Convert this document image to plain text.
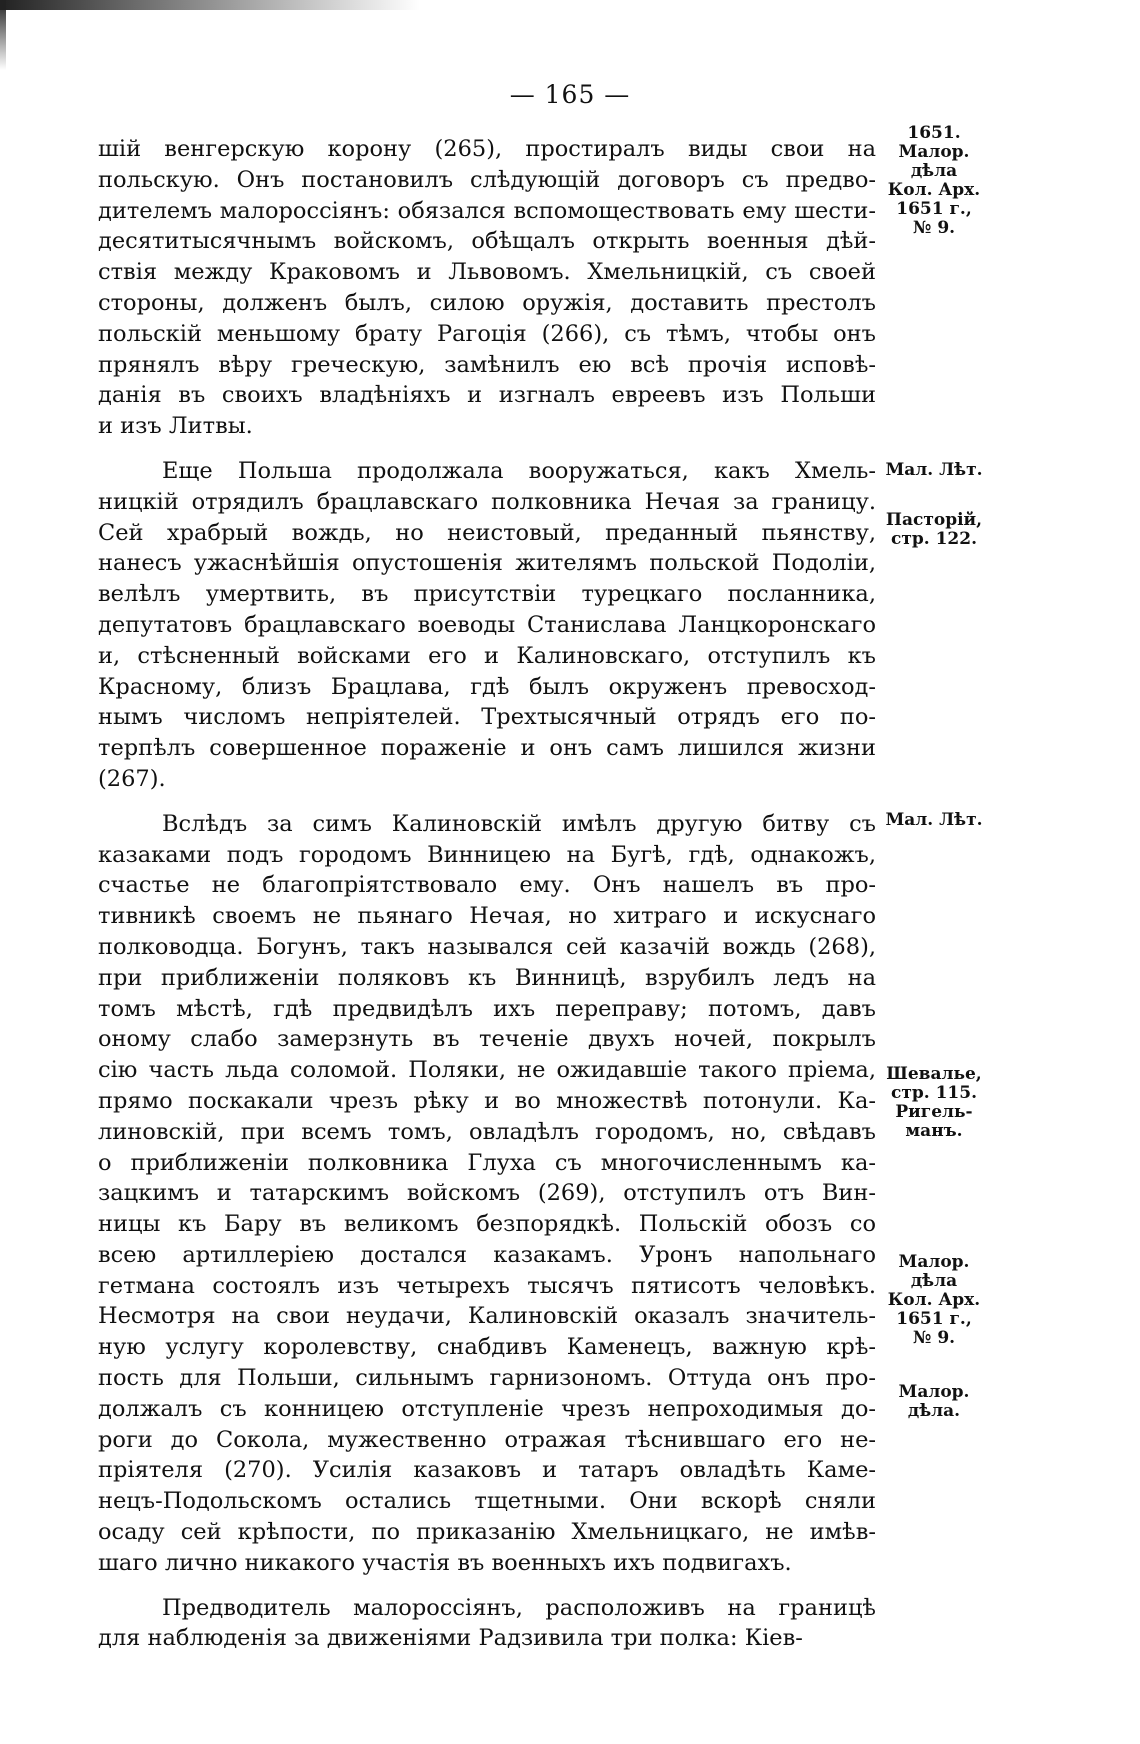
— 165 —
шій венгерскую корону (265), простиралъ виды свои на
польскую. Онъ постановилъ слѣдующій договоръ съ предво-
дителемъ малороссіянъ: обязался вспомоществовать ему шести-
десятитысячнымъ войскомъ, обѣщалъ открыть военныя дѣй-
ствія между Краковомъ и Львовомъ. Хмельницкій, съ своей
стороны, долженъ былъ, силою оружія, доставить престолъ
польскій меньшому брату Рагоція (266), съ тѣмъ, чтобы онъ
прянялъ вѣру греческую, замѣнилъ ею всѣ прочія исповѣ-
данія въ своихъ владѣніяхъ и изгналъ евреевъ изъ Польши
и изъ Литвы.
Еще Польша продолжала вооружаться, какъ Хмель-
ницкій отрядилъ брацлавскаго полковника Нечая за границу.
Сей храбрый вождь, но неистовый, преданный пьянству,
нанесъ ужаснѣйшія опустошенія жителямъ польской Подоліи,
велѣлъ умертвить, въ присутствіи турецкаго посланника,
депутатовъ брацлавскаго воеводы Станислава Ланцкоронскаго
и, стѣсненный войсками его и Калиновскаго, отступилъ къ
Красному, близъ Брацлава, гдѣ былъ окруженъ превосход-
нымъ числомъ непріятелей. Трехтысячный отрядъ его по-
терпѣлъ совершенное пораженіе и онъ самъ лишился жизни
(267).
Вслѣдъ за симъ Калиновскій имѣлъ другую битву съ
казаками подъ городомъ Винницею на Бугѣ, гдѣ, однакожъ,
счастье не благопріятствовало ему. Онъ нашелъ въ про-
тивникѣ своемъ не пьянаго Нечая, но хитраго и искуснаго
полководца. Богунъ, такъ назывался сей казачій вождь (268),
при приближеніи поляковъ къ Винницѣ, взрубилъ ледъ на
томъ мѣстѣ, гдѣ предвидѣлъ ихъ переправу; потомъ, давъ
оному слабо замерзнуть въ теченіе двухъ ночей, покрылъ
сію часть льда соломой. Поляки, не ожидавшіе такого пріема,
прямо поскакали чрезъ рѣку и во множествѣ потонули. Ка-
линовскій, при всемъ томъ, овладѣлъ городомъ, но, свѣдавъ
о приближеніи полковника Глуха съ многочисленнымъ ка-
зацкимъ и татарскимъ войскомъ (269), отступилъ отъ Вин-
ницы къ Бару въ великомъ безпорядкѣ. Польскій обозъ со
всею артиллеріею достался казакамъ. Уронъ напольнаго
гетмана состоялъ изъ четырехъ тысячъ пятисотъ человѣкъ.
Несмотря на свои неудачи, Калиновскій оказалъ значитель-
ную услугу королевству, снабдивъ Каменецъ, важную крѣ-
пость для Польши, сильнымъ гарнизономъ. Оттуда онъ про-
должалъ съ конницею отступленіе чрезъ непроходимыя до-
роги до Сокола, мужественно отражая тѣснившаго его не-
пріятеля (270). Усилія казаковъ и татаръ овладѣть Каме-
нецъ-Подольскомъ остались тщетными. Они вскорѣ сняли
осаду сей крѣпости, по приказанію Хмельницкаго, не имѣв-
шаго лично никакого участія въ военныхъ ихъ подвигахъ.
Предводитель малороссіянъ, расположивъ на границѣ
для наблюденія за движеніями Радзивила три полка: Кіев-
1651.
Малор.
дѣла
Кол. Арх.
1651 г.,
№ 9.
Мал. Лѣт.
Пасторій,
стр. 122.
Мал. Лѣт.
Шевалье,
стр. 115.
Ригель-
манъ.
Малор.
дѣла
Кол. Арх.
1651 г.,
№ 9.
Малор.
дѣла.
